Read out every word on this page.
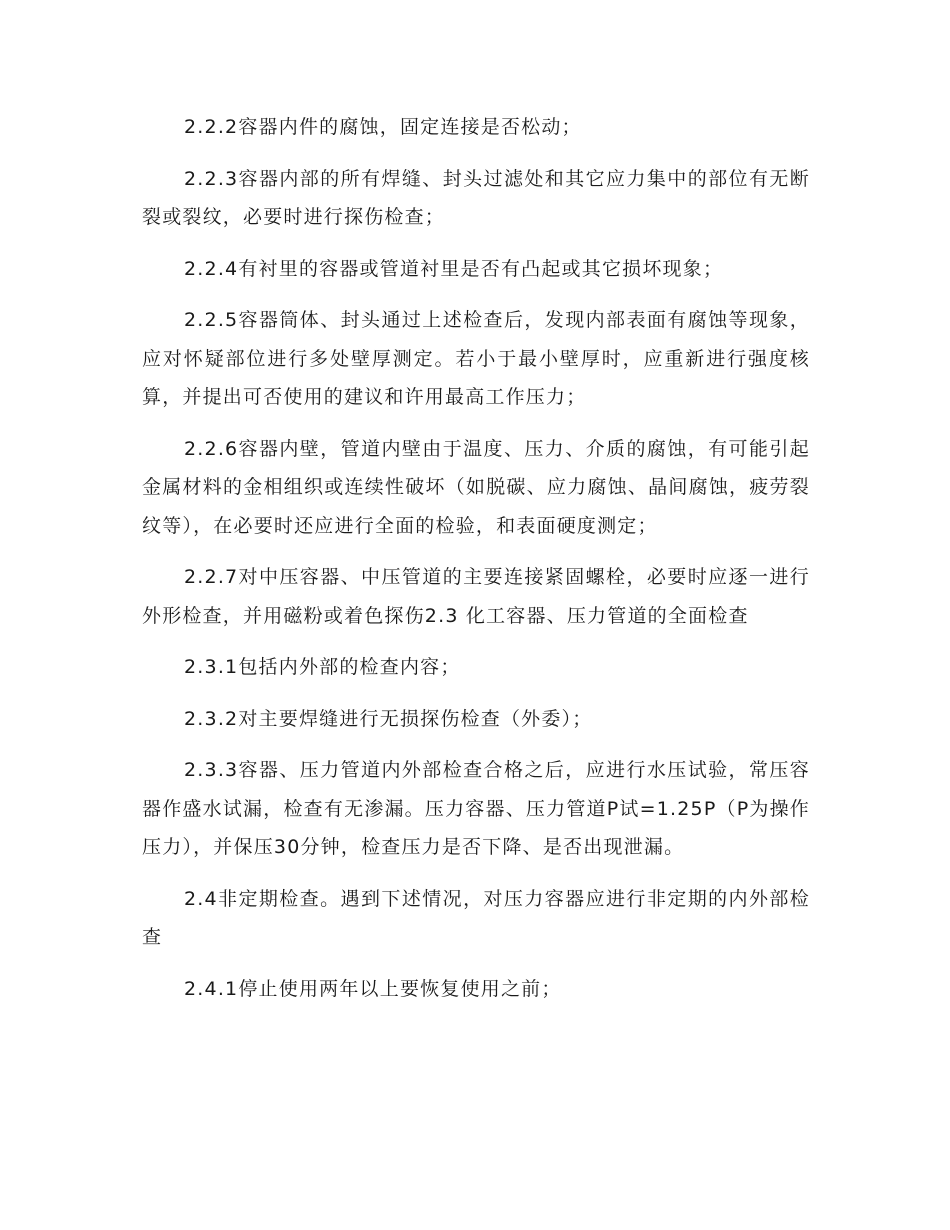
2.2.2容器内件的腐蚀，固定连接是否松动；

2.2.3容器内部的所有焊缝、封头过滤处和其它应力集中的部位有无断裂或裂纹，必要时进行探伤检查；

2.2.4有衬里的容器或管道衬里是否有凸起或其它损坏现象；

2.2.5容器筒体、封头通过上述检查后，发现内部表面有腐蚀等现象，应对怀疑部位进行多处壁厚测定。若小于最小壁厚时，应重新进行强度核算，并提出可否使用的建议和许用最高工作压力；

2.2.6容器内壁，管道内壁由于温度、压力、介质的腐蚀，有可能引起金属材料的金相组织或连续性破坏（如脱碳、应力腐蚀、晶间腐蚀，疲劳裂纹等），在必要时还应进行全面的检验，和表面硬度测定；

2.2.7对中压容器、中压管道的主要连接紧固螺栓，必要时应逐一进行外形检查，并用磁粉或着色探伤2.3 化工容器、压力管道的全面检查

2.3.1包括内外部的检查内容；

2.3.2对主要焊缝进行无损探伤检查（外委）；

2.3.3容器、压力管道内外部检查合格之后，应进行水压试验，常压容器作盛水试漏，检查有无渗漏。压力容器、压力管道P试=1.25P（P为操作压力），并保压30分钟，检查压力是否下降、是否出现泄漏。

2.4非定期检查。遇到下述情况，对压力容器应进行非定期的内外部检查

2.4.1停止使用两年以上要恢复使用之前；
